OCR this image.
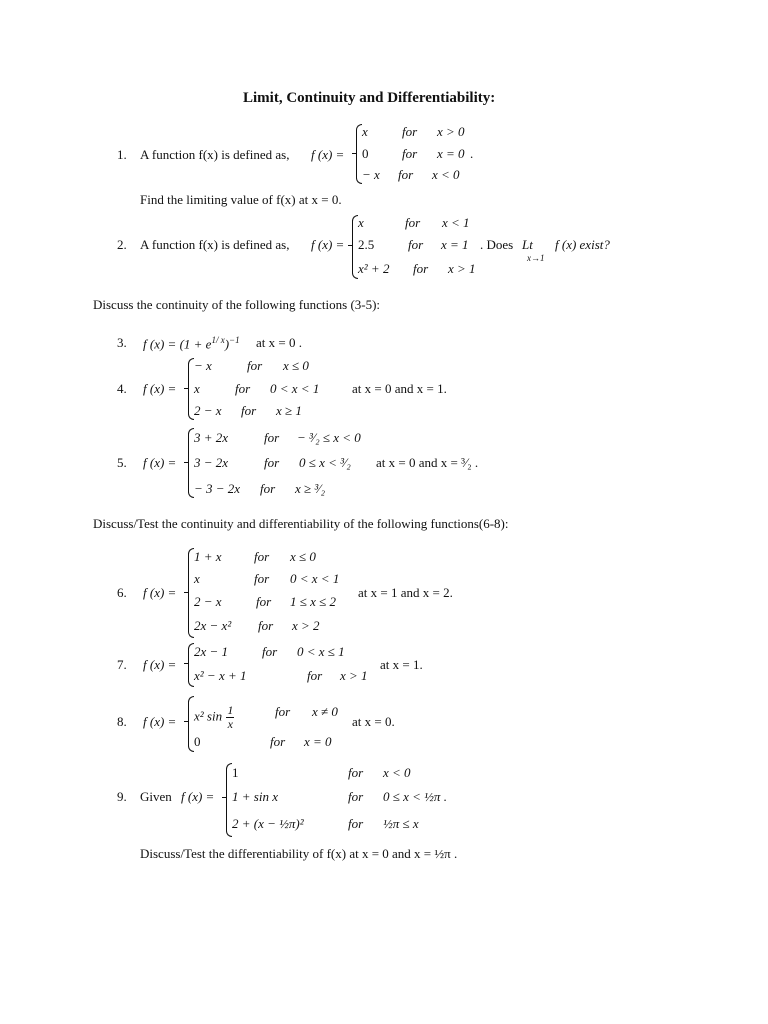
Limit, Continuity and Differentiability:
1. A function f(x) is defined as, f (x) =
x	for x > 0
0	for x = 0 .
− x for x < 0
Find the limiting value of f(x) at x = 0.
2. A function f(x) is defined as, f (x) =
x	for x < 1
2.5	for x = 1 . Does Lt
x→1
f (x) exist?
x² + 2 for x > 1
Discuss the continuity of the following functions (3-5):
3. f $(x) = (1 + e^{1/ x})^{-1}$ at x = 0 .
4. f (x) =
− x	for x ≤ 0
x	for 0 < x < 1	at x = 0 and x = 1.
2 − x for x ≥ 1
5. f (x) =
3 + 2x	for − ³⁄₂ ≤ x < 0
3 − 2x	for 0 ≤ x < ³⁄₂ at x = 0 and x = ³⁄₂ .
− 3 − 2x for x ≥ ³⁄₂
Discuss/Test the continuity and differentiability of the following functions(6-8):
6. f (x) =
1 + x for x ≤ 0
x	for 0 < x < 1
2 − x	for 1 ≤ x ≤ 2
at x = 1 and x = 2.
2x − x² for x > 2
7. f (x) =
2x − 1	for 0 < x ≤ 1
at x = 1.
x² − x + 1	for x > 1
8. f (x) = x² $\sin \frac{1}{x}$	for x ≠ 0
at x = 0.
0	for x = 0
9. Given f (x) =
1	for x < 0
1 + sin x	for 0 ≤ x < ½π .
2 + (x − ½π)²	for ½π ≤ x
Discuss/Test the differentiability of f(x) at x = 0 and x = ½π .
